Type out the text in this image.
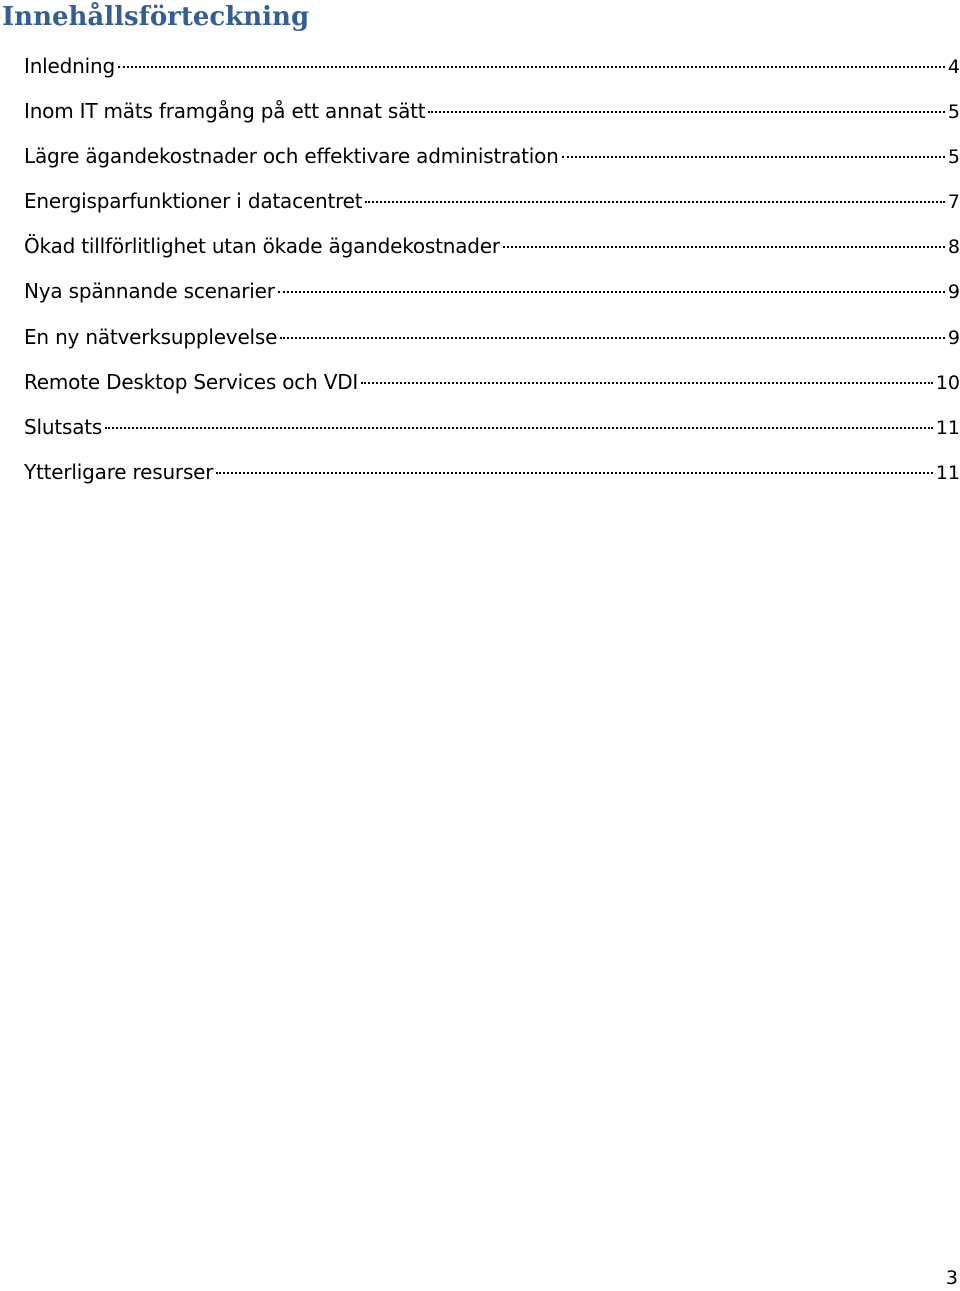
Innehållsförteckning
Inledning	4
Inom IT mäts framgång på ett annat sätt	5
Lägre ägandekostnader och effektivare administration	5
Energisparfunktioner i datacentret	7
Ökad tillförlitlighet utan ökade ägandekostnader	8
Nya spännande scenarier	9
En ny nätverksupplevelse	9
Remote Desktop Services och VDI	10
Slutsats	11
Ytterligare resurser	11
3
